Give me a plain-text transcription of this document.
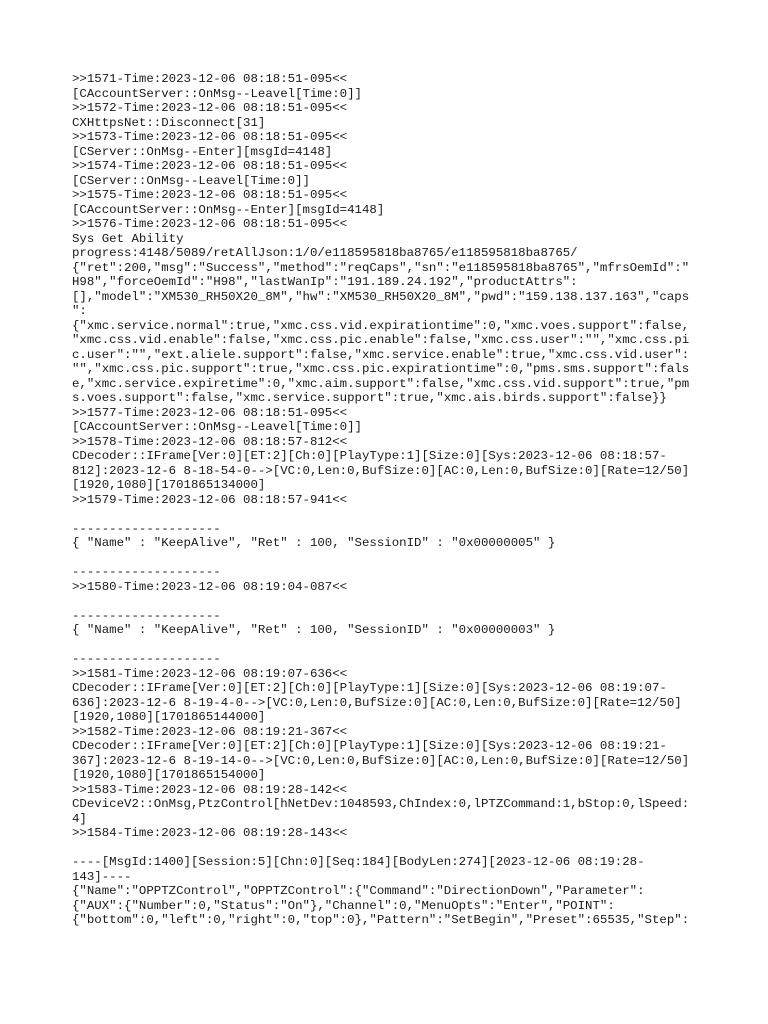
>>1571-Time:2023-12-06 08:18:51-095<<
[CAccountServer::OnMsg--Leavel[Time:0]]
>>1572-Time:2023-12-06 08:18:51-095<<
CXHttpsNet::Disconnect[31]
>>1573-Time:2023-12-06 08:18:51-095<<
[CServer::OnMsg--Enter][msgId=4148]
>>1574-Time:2023-12-06 08:18:51-095<<
[CServer::OnMsg--Leavel[Time:0]]
>>1575-Time:2023-12-06 08:18:51-095<<
[CAccountServer::OnMsg--Enter][msgId=4148]
>>1576-Time:2023-12-06 08:18:51-095<<
Sys Get Ability
progress:4148/5089/retAllJson:1/0/e118595818ba8765/e118595818ba8765/
{"ret":200,"msg":"Success","method":"reqCaps","sn":"e118595818ba8765","mfrsOemId":"
H98","forceOemId":"H98","lastWanIp":"191.189.24.192","productAttrs":
[],"model":"XM530_RH50X20_8M","hw":"XM530_RH50X20_8M","pwd":"159.138.137.163","caps
":
{"xmc.service.normal":true,"xmc.css.vid.expirationtime":0,"xmc.voes.support":false,
"xmc.css.vid.enable":false,"xmc.css.pic.enable":false,"xmc.css.user":"","xmc.css.pi
c.user":"","ext.aliele.support":false,"xmc.service.enable":true,"xmc.css.vid.user":
"","xmc.css.pic.support":true,"xmc.css.pic.expirationtime":0,"pms.sms.support":fals
e,"xmc.service.expiretime":0,"xmc.aim.support":false,"xmc.css.vid.support":true,"pm
s.voes.support":false,"xmc.service.support":true,"xmc.ais.birds.support":false}}
>>1577-Time:2023-12-06 08:18:51-095<<
[CAccountServer::OnMsg--Leavel[Time:0]]
>>1578-Time:2023-12-06 08:18:57-812<<
CDecoder::IFrame[Ver:0][ET:2][Ch:0][PlayType:1][Size:0][Sys:2023-12-06 08:18:57-
812]:2023-12-6 8-18-54-0-->[VC:0,Len:0,BufSize:0][AC:0,Len:0,BufSize:0][Rate=12/50]
[1920,1080][1701865134000]
>>1579-Time:2023-12-06 08:18:57-941<<
--------------------
{ "Name" : "KeepAlive", "Ret" : 100, "SessionID" : "0x00000005" }
--------------------
>>1580-Time:2023-12-06 08:19:04-087<<
--------------------
{ "Name" : "KeepAlive", "Ret" : 100, "SessionID" : "0x00000003" }
--------------------
>>1581-Time:2023-12-06 08:19:07-636<<
CDecoder::IFrame[Ver:0][ET:2][Ch:0][PlayType:1][Size:0][Sys:2023-12-06 08:19:07-
636]:2023-12-6 8-19-4-0-->[VC:0,Len:0,BufSize:0][AC:0,Len:0,BufSize:0][Rate=12/50]
[1920,1080][1701865144000]
>>1582-Time:2023-12-06 08:19:21-367<<
CDecoder::IFrame[Ver:0][ET:2][Ch:0][PlayType:1][Size:0][Sys:2023-12-06 08:19:21-
367]:2023-12-6 8-19-14-0-->[VC:0,Len:0,BufSize:0][AC:0,Len:0,BufSize:0][Rate=12/50]
[1920,1080][1701865154000]
>>1583-Time:2023-12-06 08:19:28-142<<
CDeviceV2::OnMsg,PtzControl[hNetDev:1048593,ChIndex:0,lPTZCommand:1,bStop:0,lSpeed:
4]
>>1584-Time:2023-12-06 08:19:28-143<<
----[MsgId:1400][Session:5][Chn:0][Seq:184][BodyLen:274][2023-12-06 08:19:28-
143]----
{"Name":"OPPTZControl","OPPTZControl":{"Command":"DirectionDown","Parameter":
{"AUX":{"Number":0,"Status":"On"},"Channel":0,"MenuOpts":"Enter","POINT":
{"bottom":0,"left":0,"right":0,"top":0},"Pattern":"SetBegin","Preset":65535,"Step":
